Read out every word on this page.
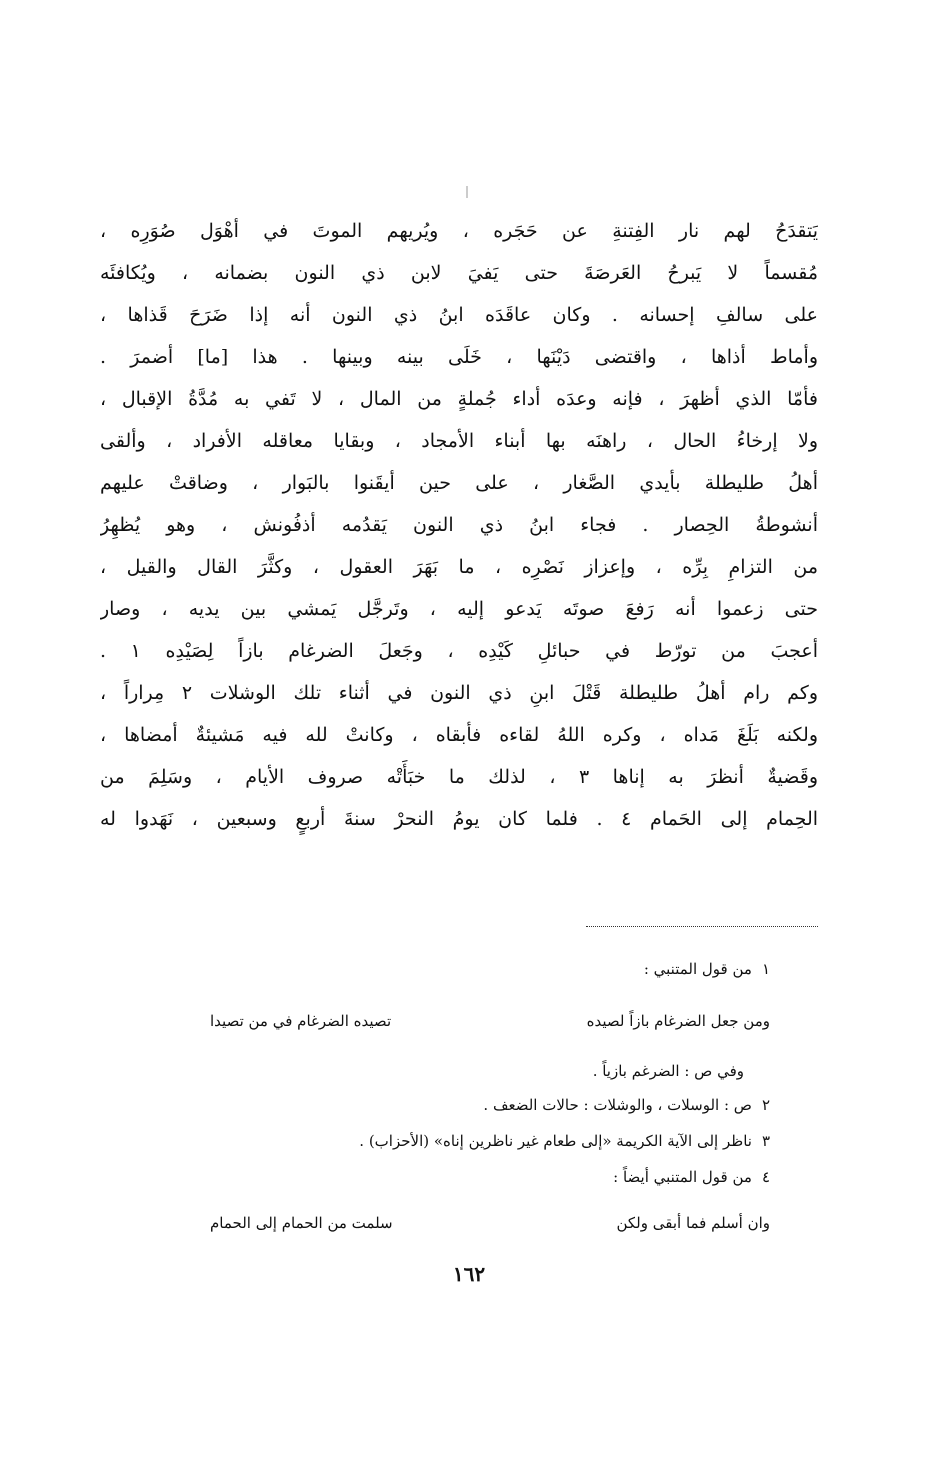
يَتقدَحُ لهم نار الفِتنةِ عن حَجَره ، ويُريهم الموتَ في أهْوَل صُوَرِه ،
مُقسماً لا يَبرحُ العَرصَةَ حتى يَفيَ لابن ذي النون بضمانه ، ويُكافئَه
على سالفِ إحسانه . وكان عاقَدَه ابنُ ذي النون أنه إذا ضَرَحَ قَذاها ،
وأماط أذاها ، واقتضى دَيْنَها ، خَلَى بينه وبينها . هذا [ما] أضمرَ .
فأمّا الذي أظهرَ ، فإنه وعدَه أداء جُملةٍ من المال ، لا تَفي به مُدَّةُ الإقبال ،
ولا إرخاءُ الحال ، راهنَه بها أبناء الأمجاد ، وبقايا معاقله الأفراد ، وألقى
أهلُ طليطلة بأيدي الصَّغار ، على حين أيقَنوا بالبَوار ، وضاقتْ عليهم
أنشوطةُ الحِصار . فجاء ابنُ ذي النون يَقدُمه أذفُونش ، وهو يُظهِرُ
من التزامِ بِرِّه ، وإعزاز نَصْرِه ، ما بَهَرَ العقول ، وكثَّرَ القال والقيل ،
حتى زعموا أنه رَفعَ صوتَه يَدعو إليه ، وتَرجَّل يَمشي بين يديه ، وصار
أعجبَ من تورّط في حبائلِ كَيْدِه ، وجَعلَ الضرغام بازاً لِصَيْدِه ١ .
وكم رام أهلُ طليطلة قَتْلَ ابنِ ذي النون في أثناء تلك الوشلات ٢ مِراراً ،
ولكنه بَلَغَ مَداه ، وكره اللهُ لقاءه فأبقاه ، وكانتْ لله فيه مَشيئةٌ أمضاها ،
وقَضيةٌ أنظرَ به إناها ٣ ، لذلك ما خبَأَتْه صروف الأيام ، وسَلِمَ من
الحِمام إلى الحَمام ٤ . فلما كان يومُ النحرْ سنةَ أربعٍ وسبعين ، نَهَدوا له
١من قول المتنبي :
ومن جعل الضرغام بازاً لصيده
تصيده الضرغام في من تصيدا
وفي ص : الضرغم بازياً .
٢ص : الوسلات ، والوشلات : حالات الضعف .
٣ناظر إلى الآية الكريمة «إلى طعام غير ناظرين إناه» (الأحزاب) .
٤من قول المتنبي أيضاً :
وان أسلم فما أبقى ولكن
سلمت من الحمام إلى الحمام
١٦٢
